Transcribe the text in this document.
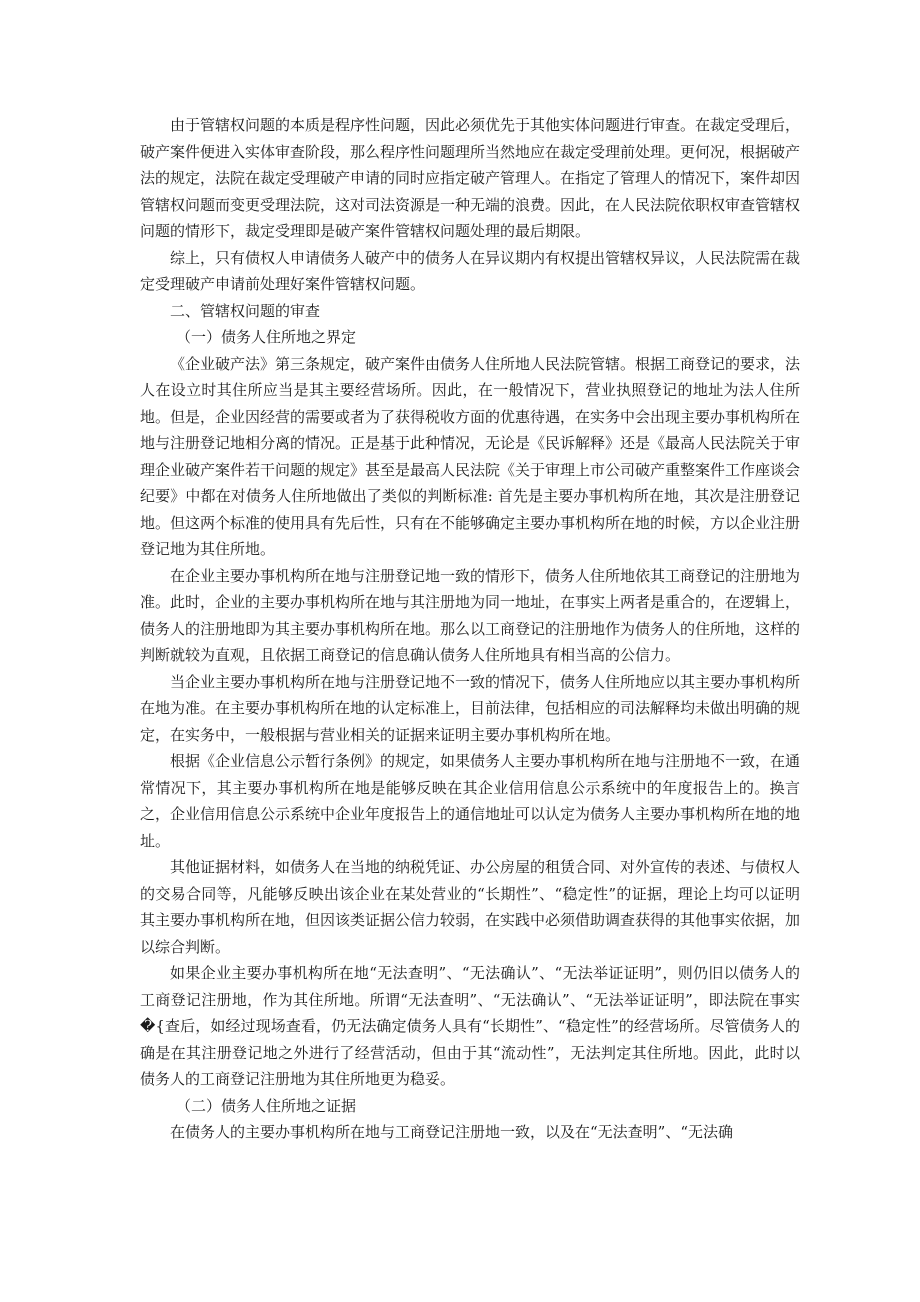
由于管辖权问题的本质是程序性问题，因此必须优先于其他实体问题进行审查。在裁定受理后，破产案件便进入实体审查阶段，那么程序性问题理所当然地应在裁定受理前处理。更何况，根据破产法的规定，法院在裁定受理破产申请的同时应指定破产管理人。在指定了管理人的情况下，案件却因管辖权问题而变更受理法院，这对司法资源是一种无端的浪费。因此，在人民法院依职权审查管辖权问题的情形下，裁定受理即是破产案件管辖权问题处理的最后期限。

综上，只有债权人申请债务人破产中的债务人在异议期内有权提出管辖权异议，人民法院需在裁定受理破产申请前处理好案件管辖权问题。

二、管辖权问题的审查

（一）债务人住所地之界定

《企业破产法》第三条规定，破产案件由债务人住所地人民法院管辖。根据工商登记的要求，法人在设立时其住所应当是其主要经营场所。因此，在一般情况下，营业执照登记的地址为法人住所地。但是，企业因经营的需要或者为了获得税收方面的优惠待遇，在实务中会出现主要办事机构所在地与注册登记地相分离的情况。正是基于此种情况，无论是《民诉解释》还是《最高人民法院关于审理企业破产案件若干问题的规定》甚至是最高人民法院《关于审理上市公司破产重整案件工作座谈会纪要》中都在对债务人住所地做出了类似的判断标准: 首先是主要办事机构所在地，其次是注册登记地。但这两个标准的使用具有先后性，只有在不能够确定主要办事机构所在地的时候，方以企业注册登记地为其住所地。

在企业主要办事机构所在地与注册登记地一致的情形下，债务人住所地依其工商登记的注册地为准。此时，企业的主要办事机构所在地与其注册地为同一地址，在事实上两者是重合的，在逻辑上，债务人的注册地即为其主要办事机构所在地。那么以工商登记的注册地作为债务人的住所地，这样的判断就较为直观，且依据工商登记的信息确认债务人住所地具有相当高的公信力。

当企业主要办事机构所在地与注册登记地不一致的情况下，债务人住所地应以其主要办事机构所在地为准。在主要办事机构所在地的认定标准上，目前法律，包括相应的司法解释均未做出明确的规定，在实务中，一般根据与营业相关的证据来证明主要办事机构所在地。

根据《企业信息公示暂行条例》的规定，如果债务人主要办事机构所在地与注册地不一致，在通常情况下，其主要办事机构所在地是能够反映在其企业信用信息公示系统中的年度报告上的。换言之，企业信用信息公示系统中企业年度报告上的通信地址可以认定为债务人主要办事机构所在地的地址。

其他证据材料，如债务人在当地的纳税凭证、办公房屋的租赁合同、对外宣传的表述、与债权人的交易合同等，凡能够反映出该企业在某处营业的“长期性”、“稳定性”的证据，理论上均可以证明其主要办事机构所在地，但因该类证据公信力较弱，在实践中必须借助调查获得的其他事实依据，加以综合判断。

如果企业主要办事机构所在地“无法查明”、“无法确认”、“无法举证证明”，则仍旧以债务人的工商登记注册地，作为其住所地。所谓“无法查明”、“无法确认”、“无法举证证明”，即法院在事实�{查后，如经过现场查看，仍无法确定债务人具有“长期性”、“稳定性”的经营场所。尽管债务人的确是在其注册登记地之外进行了经营活动，但由于其“流动性”，无法判定其住所地。因此，此时以债务人的工商登记注册地为其住所地更为稳妥。

（二）债务人住所地之证据

在债务人的主要办事机构所在地与工商登记注册地一致，以及在“无法查明”、“无法确
